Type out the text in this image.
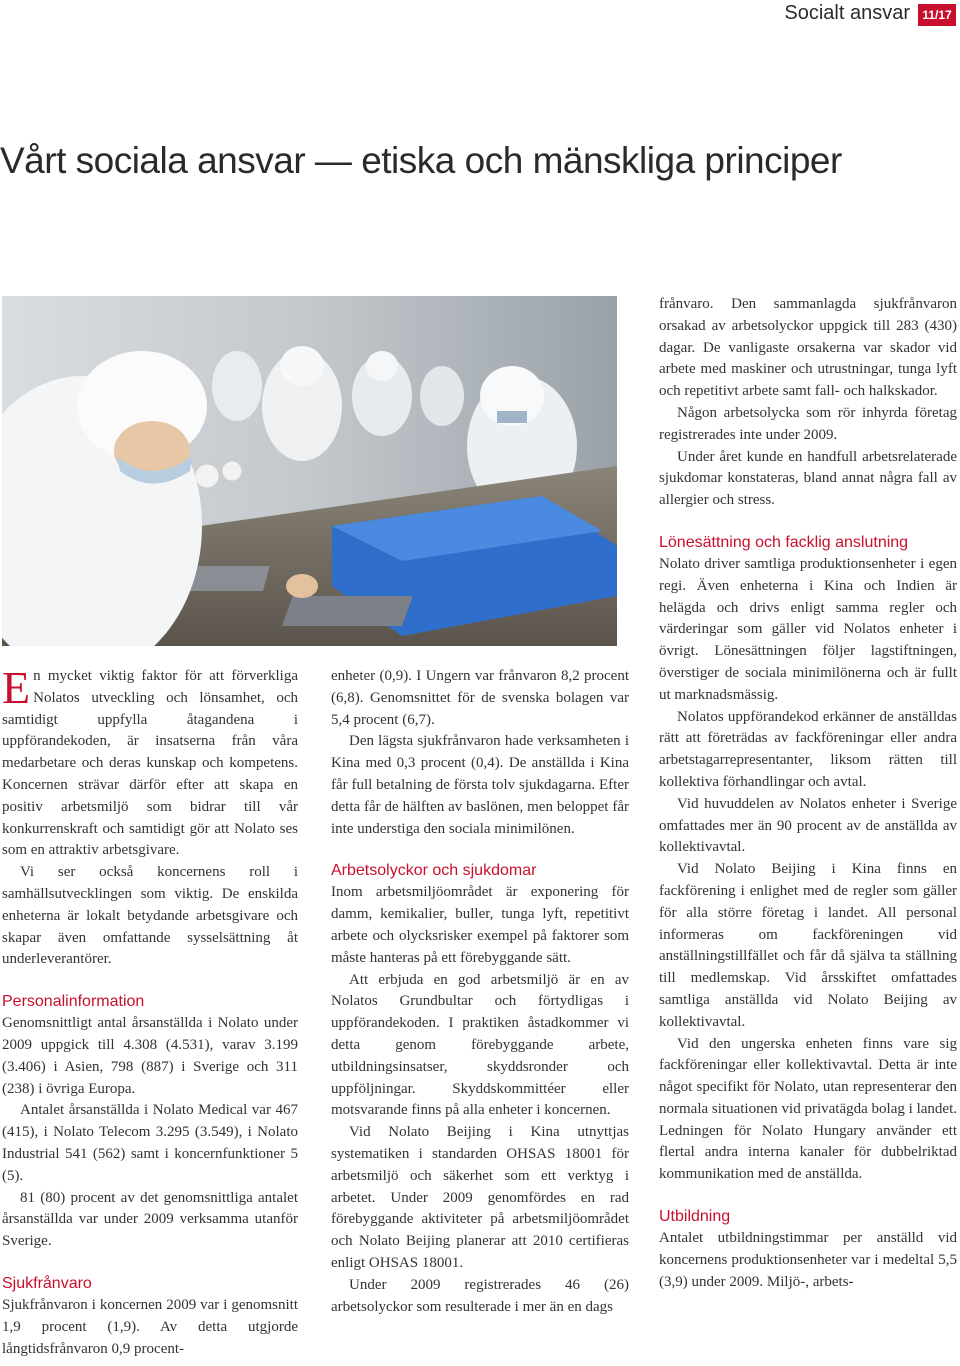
Socialt ansvar	11/17
Vårt sociala ansvar — etiska och mänskliga principer

En mycket viktig faktor för att förverkliga Nolatos utveckling och lönsamhet, och samtidigt uppfylla åtagandena i uppförandekoden, är insatserna från våra medarbetare och deras kunskap och kompetens. Koncernen strävar därför efter att skapa en positiv arbetsmiljö som bidrar till vår konkurrenskraft och samtidigt gör att Nolato ses som en attraktiv arbetsgivare.

Vi ser också koncernens roll i samhällsutvecklingen som viktig. De enskilda enheterna är lokalt betydande arbetsgivare och skapar även omfattande sysselsättning åt underleverantörer.

Personalinformation

Genomsnittligt antal årsanställda i Nolato under 2009 uppgick till 4.308 (4.531), varav 3.199 (3.406) i Asien, 798 (887) i Sverige och 311 (238) i övriga Europa.

Antalet årsanställda i Nolato Medical var 467 (415), i Nolato Telecom 3.295 (3.549), i Nolato Industrial 541 (562) samt i koncernfunktioner 5 (5).

81 (80) procent av det genomsnittliga antalet årsanställda var under 2009 verksamma utanför Sverige.

Sjukfrånvaro

Sjukfrånvaron i koncernen 2009 var i genomsnitt 1,9 procent (1,9). Av detta utgjorde långtidsfrånvaron 0,9 procent-

enheter (0,9). I Ungern var frånvaron 8,2 procent (6,8). Genomsnittet för de svenska bolagen var 5,4 procent (6,7).

Den lägsta sjukfrånvaron hade verksamheten i Kina med 0,3 procent (0,4). De anställda i Kina får full betalning de första tolv sjukdagarna. Efter detta får de hälften av baslönen, men beloppet får inte understiga den sociala minimilönen.

Arbetsolyckor och sjukdomar

Inom arbetsmiljöområdet är exponering för damm, kemikalier, buller, tunga lyft, repetitivt arbete och olycksrisker exempel på faktorer som måste hanteras på ett förebyggande sätt.

Att erbjuda en god arbetsmiljö är en av Nolatos Grundbultar och förtydligas i uppförandekoden. I praktiken åstadkommer vi detta genom förebyggande arbete, utbildningsinsatser, skyddsronder och uppföljningar. Skyddskommittéer eller motsvarande finns på alla enheter i koncernen.

Vid Nolato Beijing i Kina utnyttjas systematiken i standarden OHSAS 18001 för arbetsmiljö och säkerhet som ett verktyg i arbetet. Under 2009 genomfördes en rad förebyggande aktiviteter på arbetsmiljöområdet och Nolato Beijing planerar att 2010 certifieras enligt OHSAS 18001.

Under 2009 registrerades 46 (26) arbetsolyckor som resulterade i mer än en dags

frånvaro. Den sammanlagda sjukfrånvaron orsakad av arbetsolyckor uppgick till 283 (430) dagar. De vanligaste orsakerna var skador vid arbete med maskiner och utrustningar, tunga lyft och repetitivt arbete samt fall- och halkskador.

Någon arbetsolycka som rör inhyrda företag registrerades inte under 2009.

Under året kunde en handfull arbetsrelaterade sjukdomar konstateras, bland annat några fall av allergier och stress.

Lönesättning och facklig anslutning

Nolato driver samtliga produktionsenheter i egen regi. Även enheterna i Kina och Indien är helägda och drivs enligt samma regler och värderingar som gäller vid Nolatos enheter i övrigt. Lönesättningen följer lagstiftningen, överstiger de sociala minimilönerna och är fullt ut marknadsmässig.

Nolatos uppförandekod erkänner de anställdas rätt att företrädas av fackföreningar eller andra arbetstagarrepresentanter, liksom rätten till kollektiva förhandlingar och avtal.

Vid huvuddelen av Nolatos enheter i Sverige omfattades mer än 90 procent av de anställda av kollektivavtal.

Vid Nolato Beijing i Kina finns en fackförening i enlighet med de regler som gäller för alla större företag i landet. All personal informeras om fackföreningen vid anställningstillfället och får då själva ta ställning till medlemskap. Vid årsskiftet omfattades samtliga anställda vid Nolato Beijing av kollektivavtal.

Vid den ungerska enheten finns vare sig fackföreningar eller kollektivavtal. Detta är inte något specifikt för Nolato, utan representerar den normala situationen vid privatägda bolag i landet. Ledningen för Nolato Hungary använder ett flertal andra interna kanaler för dubbelriktad kommunikation med de anställda.

Utbildning

Antalet utbildningstimmar per anställd vid koncernens produktionsenheter var i medeltal 5,5 (3,9) under 2009. Miljö-, arbets-
